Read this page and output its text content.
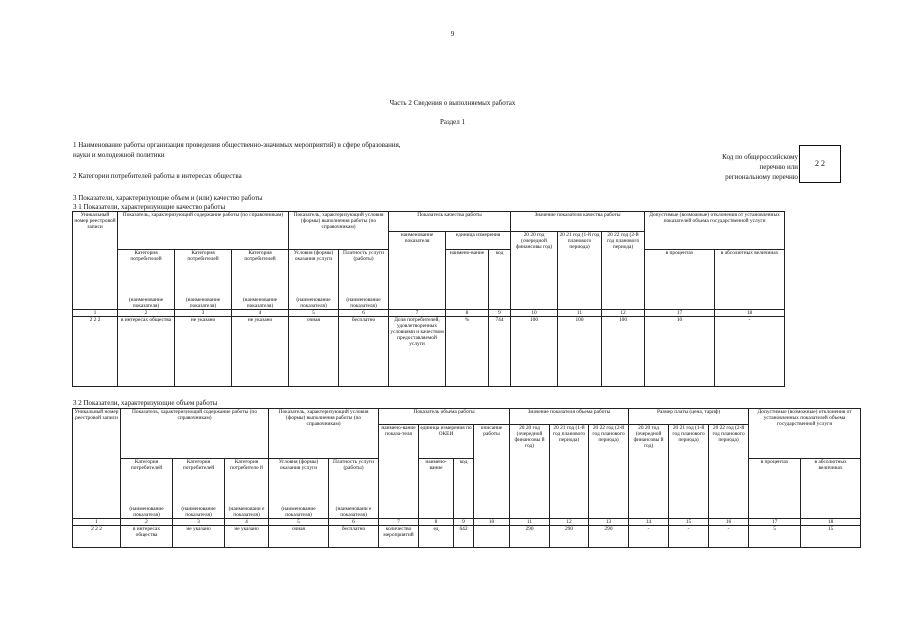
9
Часть 2 Сведения о выполняемых работах
Раздел 1
1 Наименование работы организация проведения общественно-значимых мероприятий) в сфере образования,
науки и молодежной политики
2 Категории потребителей работы в интересах общества
Код по общероссийскому
перечню или
региональному перечню
2 2
3 Показатели, характеризующие объем и (или) качество работы
3 1 Показатели, характеризующие качество работы
Уникальный номер реестровой записи	Показатель, характеризующий содержание работы (по справочникам)			Показатель, характеризующий условия (формы) выполнения работы (по справочникам)		Показатель качества работы			Значение показателя качества работы			Допустимые (возможные) отклонения от установленных показателей объема государственной услуги	
						наименование показателя	единица измерения		20 20 год (очередной финансовы год)	20 21 год (1-й год планового периода)	20 22 год (2-й год планового периода)		
	Категория потребителей	Категория потребителей	Категория потребителей	Условия (формы) оказания услуги	Платность услуги (работы)		наимено-вание	код				в процентах	в абсолютных величинах
	(наименование показателя)	(наименование показателя)	(наименование показателя)	(наименование показателя)	(наименование показателя)								
1	2	3	4	5	6	7	8	9	10	11	12	17	18
2 2 2	в интересах общества	не указано	не указано	очная	бесплатно	Доля потребителей, удовлетворенных условиями и качеством предоставляемой услуги	%	744	100	100	100	10	-
3 2 Показатели, характеризующие объем работы
Уникальный номер реестровой записи	Показатель, характеризующий содержание работы (по справочникам)			Показатель, характеризующий условия (формы) выполнения работы (по справочникам)		Показатель объема работы				Значение показателя объема работы			Размер платы (цена, тариф)			Допустимые (возможные) отклонения от установленных показателей объема государственной услуги	
						наимено-вание показа-теля	единица измерения по ОКЕИ		описание работы	20 20 год (очередной финансовы й год)	20 21 год (1-й год планового периода)	20 22 год (2-й год планового периода)	20 20 год (очередной финансовы й год)	20 21 год (1-й год планового периода)	20 22 год (2-й год планового периода)		
	Категория потребителей	Категория потребителей	Категория потребителе й	Условия (формы) оказания услуги	Платность услуги (работы)		наимено-вание	код								в процентах	в абсолютных величинах
	(наименование показателя)	(наименование показателя)	(наименовани е показателя)	(наименование показателя)	(наименовани е показателя)												
1	2	3	4	5	6	7	8	9	10	11	12	13	14	15	16	17	18
2 2 2	в интересах общества	не указано	не указано	очная	бесплатно	количество мероприятий	ед	642		290	290	290	-	-	-	5	15
